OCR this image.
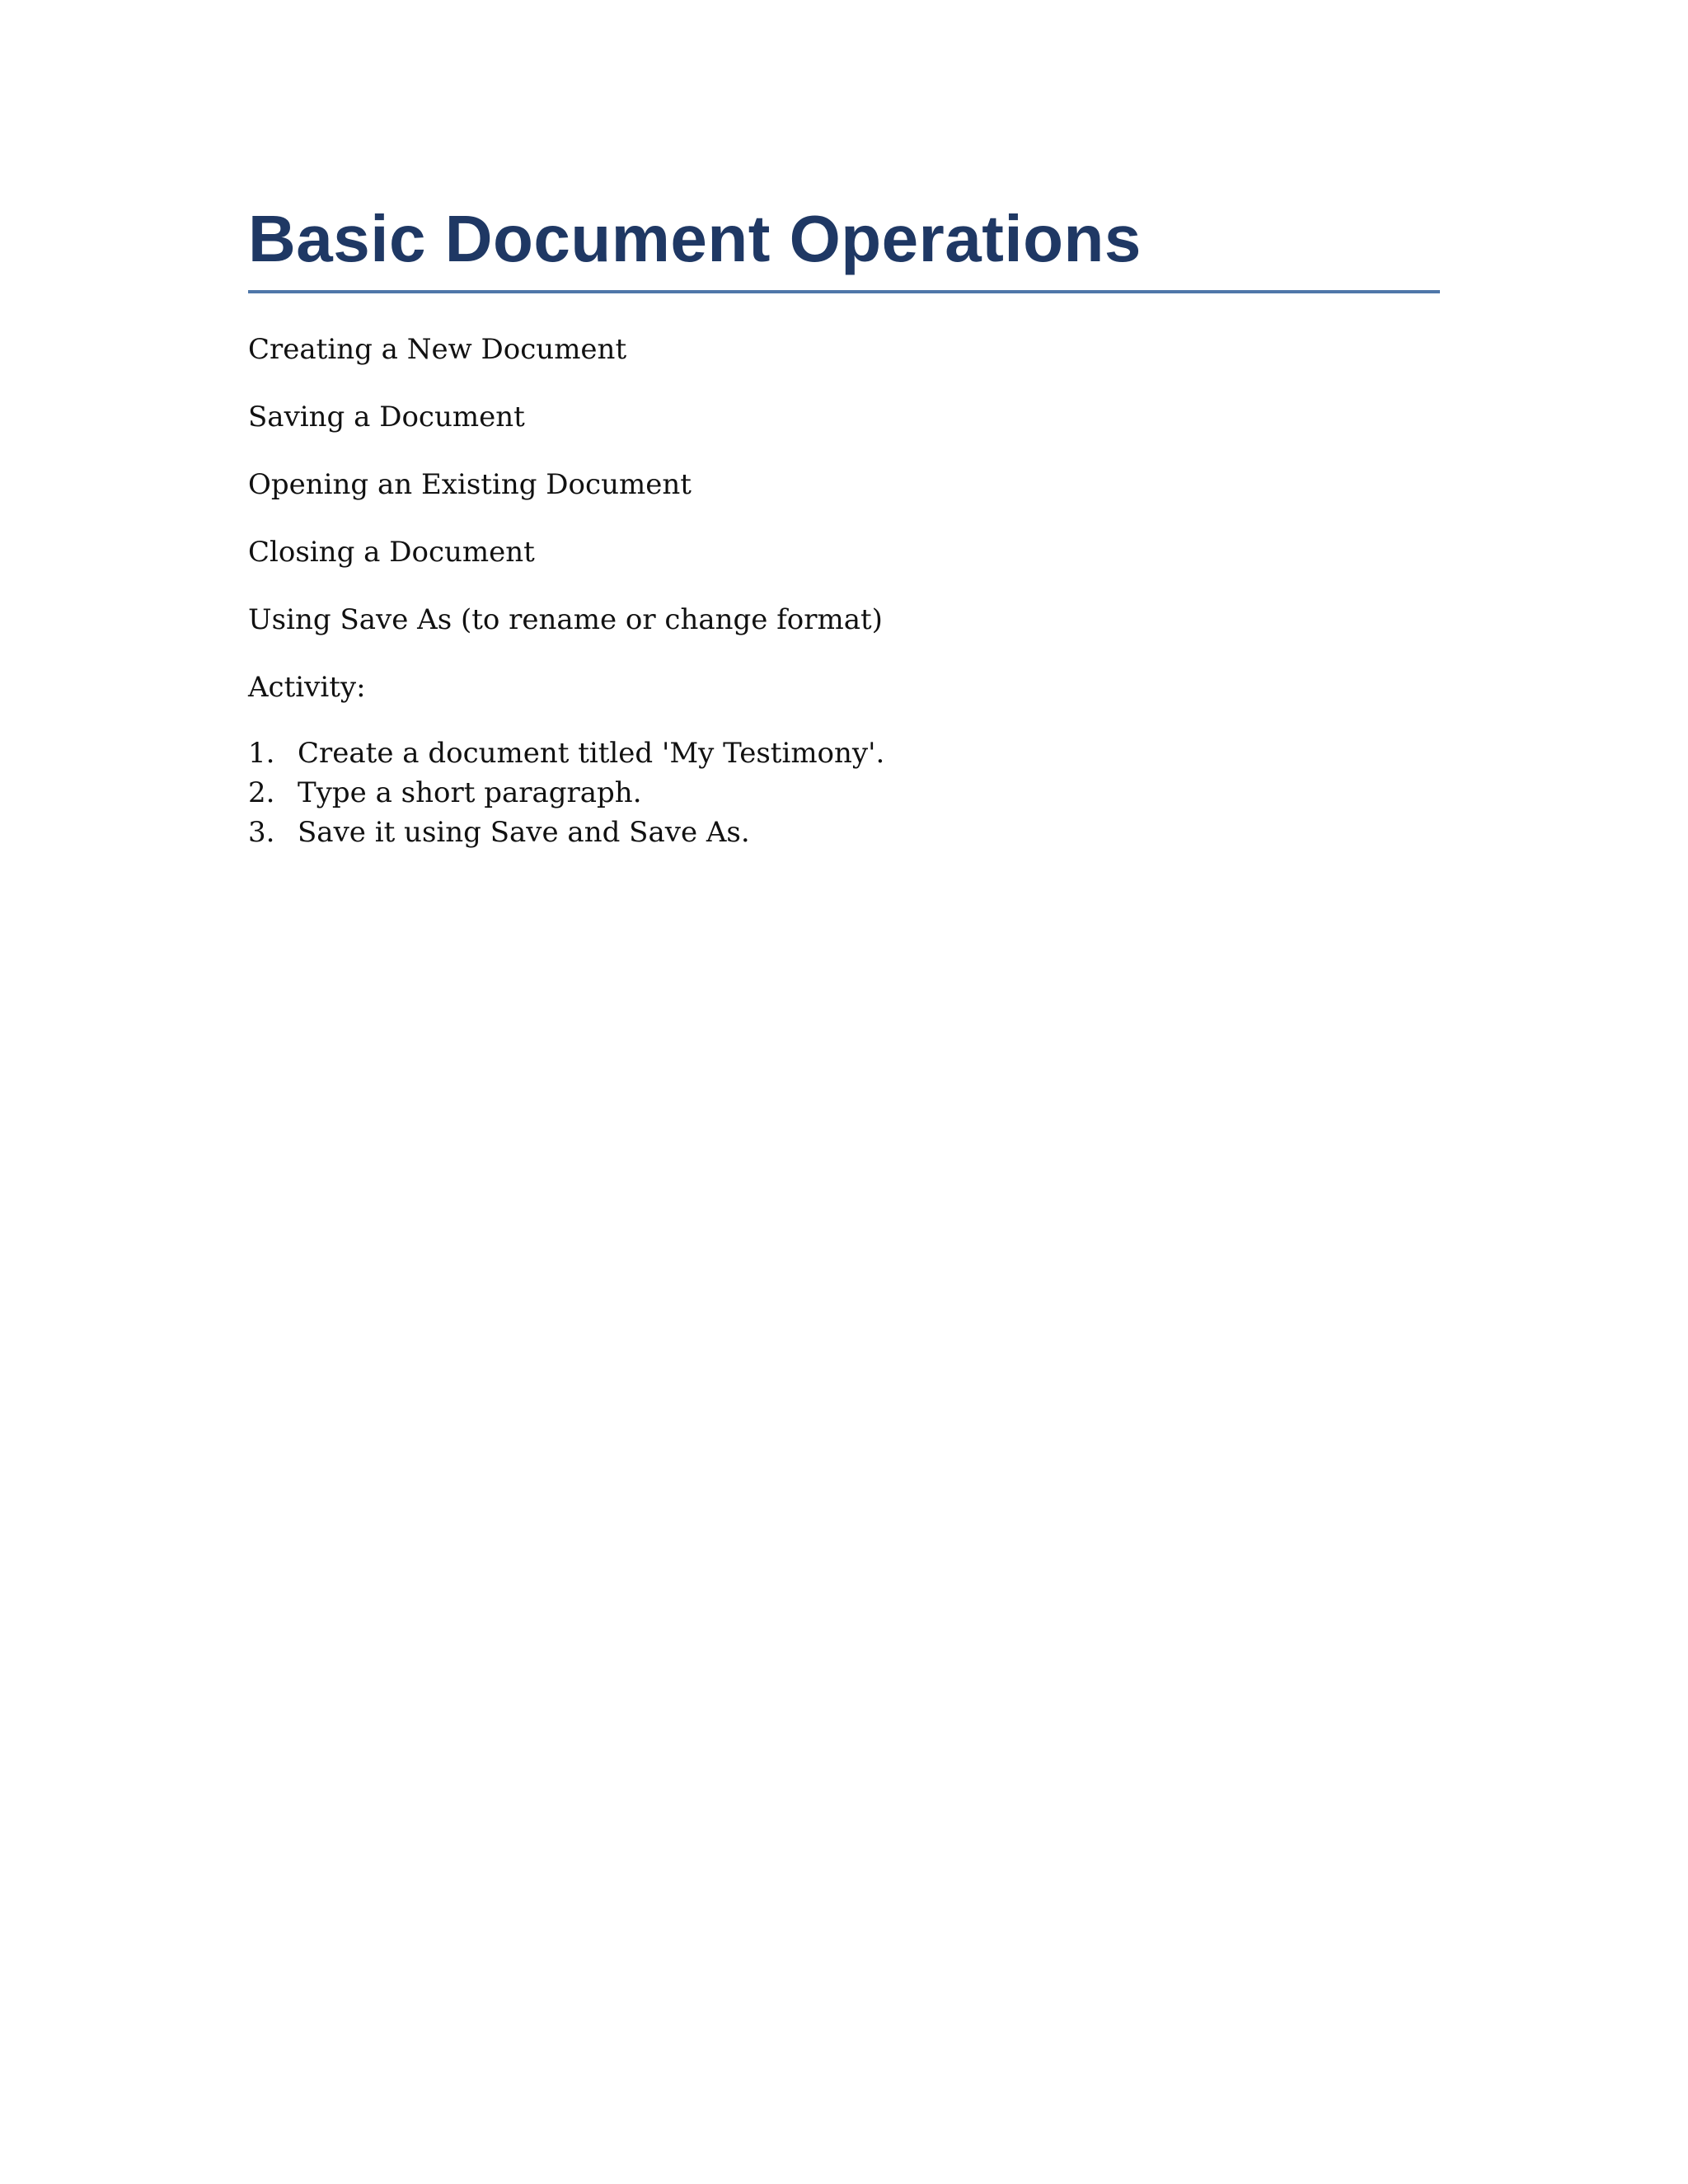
Basic Document Operations

Creating a New Document

Saving a Document

Opening an Existing Document

Closing a Document

Using Save As (to rename or change format)

Activity:

1. Create a document titled 'My Testimony'.
2. Type a short paragraph.
3. Save it using Save and Save As.
